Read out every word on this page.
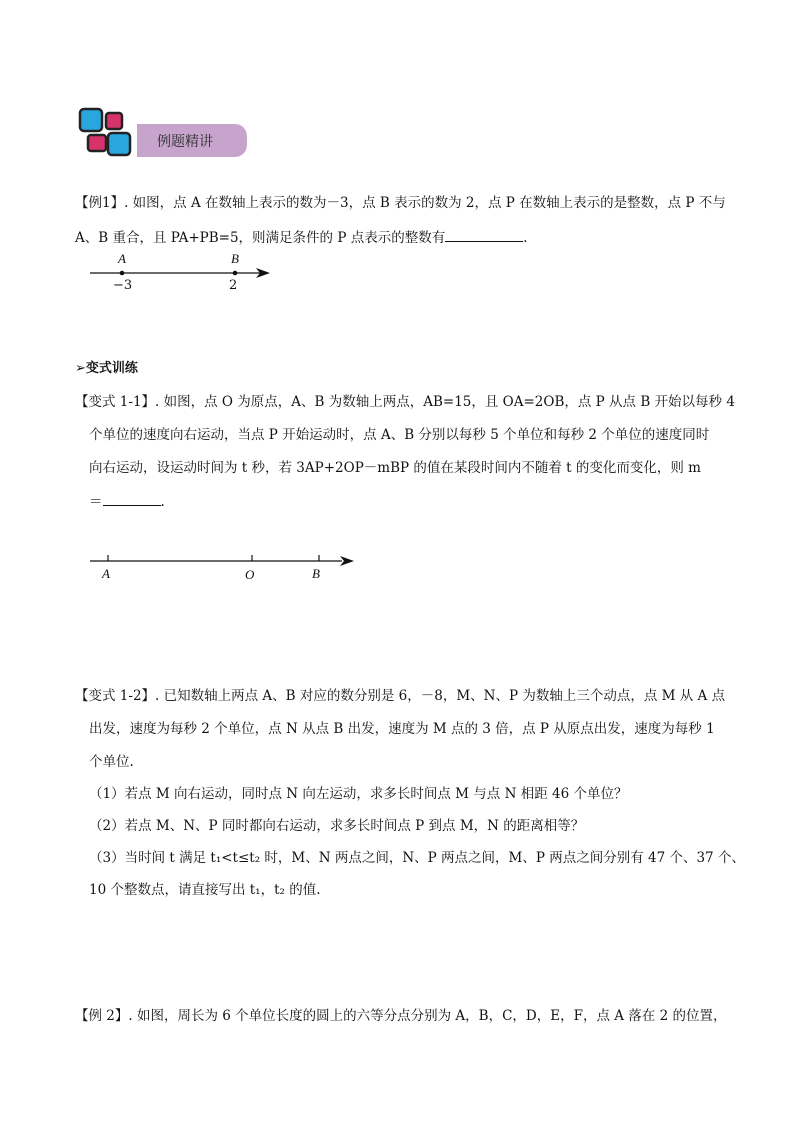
例题精讲
【例1】. 如图，点 A 在数轴上表示的数为－3，点 B 表示的数为 2，点 P 在数轴上表示的是整数，点 P 不与
A、B 重合，且 PA+PB=5，则满足条件的 P 点表示的整数有	.
A	B
−3	2
➢变式训练
【变式 1-1】. 如图，点 O 为原点，A、B 为数轴上两点，AB=15，且 OA=2OB，点 P 从点 B 开始以每秒 4
个单位的速度向右运动，当点 P 开始运动时，点 A、B 分别以每秒 5 个单位和每秒 2 个单位的速度同时
向右运动，设运动时间为 t 秒，若 3AP+2OP－mBP 的值在某段时间内不随着 t 的变化而变化，则 m
＝	.
A	O	B
【变式 1-2】. 已知数轴上两点 A、B 对应的数分别是 6，－8，M、N、P 为数轴上三个动点，点 M 从 A 点
出发，速度为每秒 2 个单位，点 N 从点 B 出发，速度为 M 点的 3 倍，点 P 从原点出发，速度为每秒 1
个单位.
（1）若点 M 向右运动，同时点 N 向左运动，求多长时间点 M 与点 N 相距 46 个单位？
（2）若点 M、N、P 同时都向右运动，求多长时间点 P 到点 M，N 的距离相等？
（3）当时间 t 满足 t₁<t≤t₂ 时，M、N 两点之间，N、P 两点之间，M、P 两点之间分别有 47 个、37 个、
10 个整数点，请直接写出 t₁，t₂ 的值.
【例 2】. 如图，周长为 6 个单位长度的圆上的六等分点分别为 A，B，C，D，E，F，点 A 落在 2 的位置，
